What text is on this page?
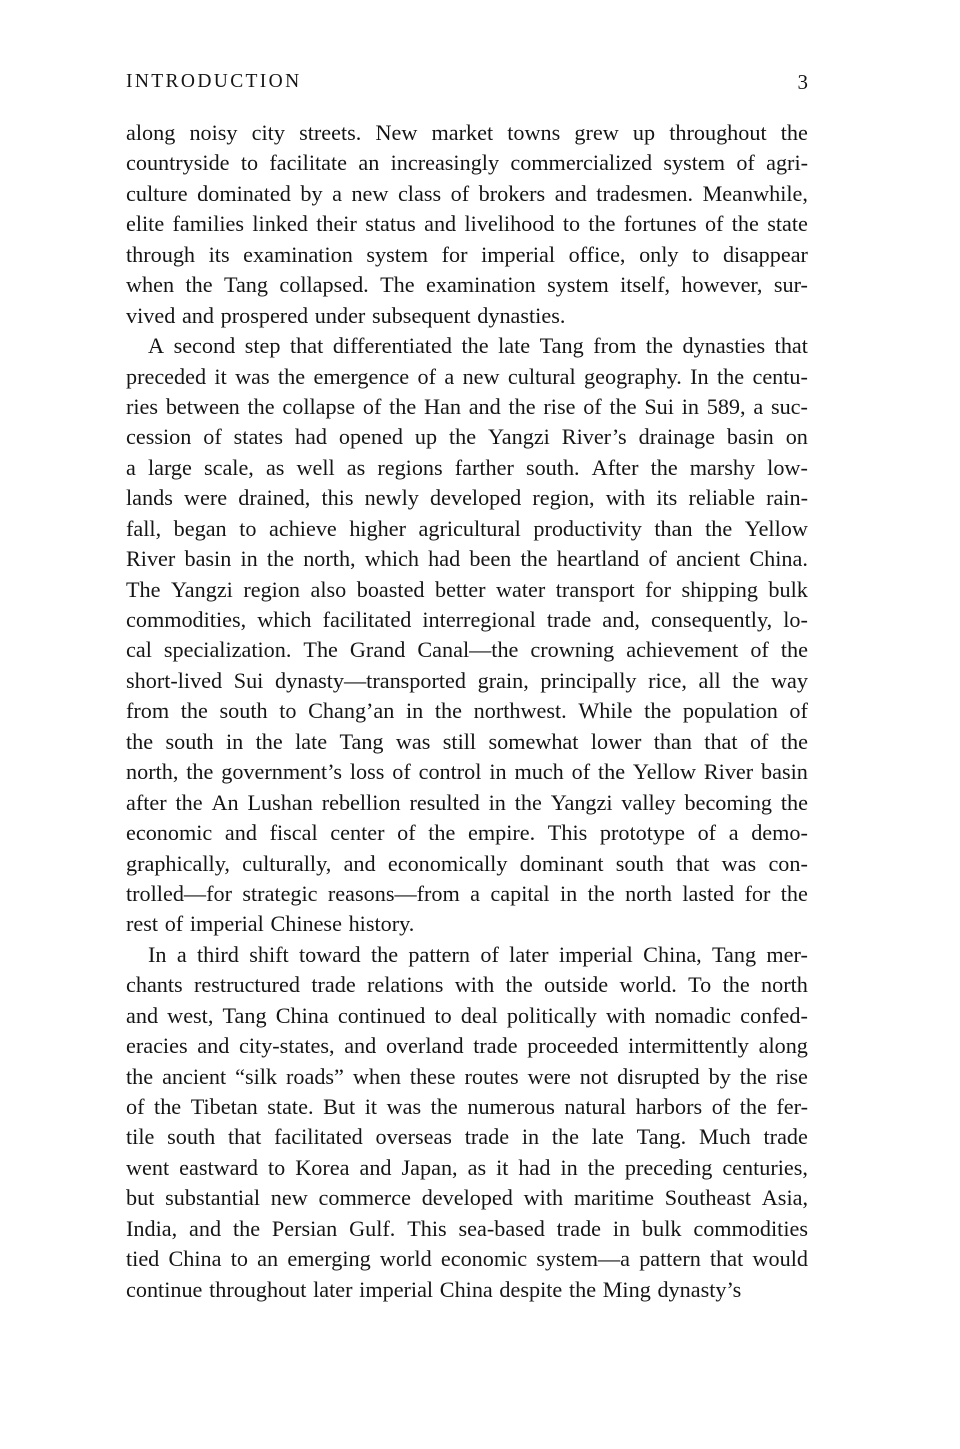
INTRODUCTION	3
along noisy city streets. New market towns grew up throughout the
countryside to facilitate an increasingly commercialized system of agri-
culture dominated by a new class of brokers and tradesmen. Meanwhile,
elite families linked their status and livelihood to the fortunes of the state
through its examination system for imperial office, only to disappear
when the Tang collapsed. The examination system itself, however, sur-
vived and prospered under subsequent dynasties.
A second step that differentiated the late Tang from the dynasties that
preceded it was the emergence of a new cultural geography. In the centu-
ries between the collapse of the Han and the rise of the Sui in 589, a suc-
cession of states had opened up the Yangzi River’s drainage basin on
a large scale, as well as regions farther south. After the marshy low-
lands were drained, this newly developed region, with its reliable rain-
fall, began to achieve higher agricultural productivity than the Yellow
River basin in the north, which had been the heartland of ancient China.
The Yangzi region also boasted better water transport for shipping bulk
commodities, which facilitated interregional trade and, consequently, lo-
cal specialization. The Grand Canal—the crowning achievement of the
short-lived Sui dynasty—transported grain, principally rice, all the way
from the south to Chang’an in the northwest. While the population of
the south in the late Tang was still somewhat lower than that of the
north, the government’s loss of control in much of the Yellow River basin
after the An Lushan rebellion resulted in the Yangzi valley becoming the
economic and fiscal center of the empire. This prototype of a demo-
graphically, culturally, and economically dominant south that was con-
trolled—for strategic reasons—from a capital in the north lasted for the
rest of imperial Chinese history.
In a third shift toward the pattern of later imperial China, Tang mer-
chants restructured trade relations with the outside world. To the north
and west, Tang China continued to deal politically with nomadic confed-
eracies and city-states, and overland trade proceeded intermittently along
the ancient “silk roads” when these routes were not disrupted by the rise
of the Tibetan state. But it was the numerous natural harbors of the fer-
tile south that facilitated overseas trade in the late Tang. Much trade
went eastward to Korea and Japan, as it had in the preceding centuries,
but substantial new commerce developed with maritime Southeast Asia,
India, and the Persian Gulf. This sea-based trade in bulk commodities
tied China to an emerging world economic system—a pattern that would
continue throughout later imperial China despite the Ming dynasty’s
